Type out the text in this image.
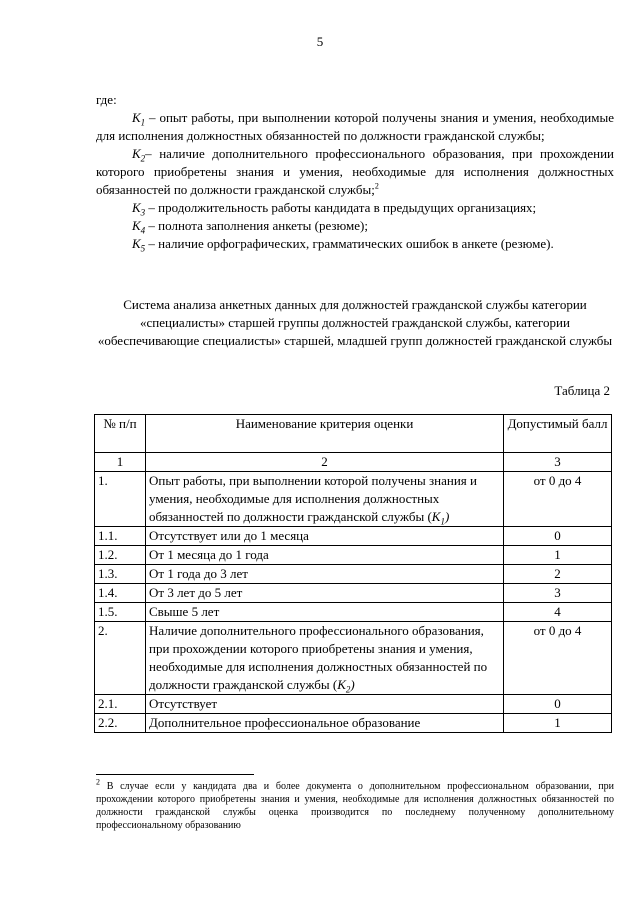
5
где:
$K_1$ – опыт работы, при выполнении которой получены знания и умения, необходимые для исполнения должностных обязанностей по должности гражданской службы;
$K_2-$ наличие дополнительного профессионального образования, при прохождении которого приобретены знания и умения, необходимые для исполнения должностных обязанностей по должности гражданской службы;$^2$
$K_3$ – продолжительность работы кандидата в предыдущих организациях;
$K_4$ – полнота заполнения анкеты (резюме);
$K_5$ – наличие орфографических, грамматических ошибок в анкете (резюме).
Система анализа анкетных данных для должностей гражданской службы категории «специалисты» старшей группы должностей гражданской службы, категории «обеспечивающие специалисты» старшей, младшей групп должностей гражданской службы
Таблица 2
№ п/п	Наименование критерия оценки	Допустимый балл
1	2	3
1.	Опыт работы, при выполнении которой получены знания и умения, необходимые для исполнения должностных обязанностей по должности гражданской службы $(K_1)$	от 0 до 4
1.1.	Отсутствует или до 1 месяца	0
1.2.	От 1 месяца до 1 года	1
1.3.	От 1 года до 3 лет	2
1.4.	От 3 лет до 5 лет	3
1.5.	Свыше 5 лет	4
2.	Наличие дополнительного профессионального образования, при прохождении которого приобретены знания и умения, необходимые для исполнения должностных обязанностей по должности гражданской службы $(K_2)$	от 0 до 4
2.1.	Отсутствует	0
2.2.	Дополнительное профессиональное образование	1
$^2$ В случае если у кандидата два и более документа о дополнительном профессиональном образовании, при прохождении которого приобретены знания и умения, необходимые для исполнения должностных обязанностей по должности гражданской службы оценка производится по последнему полученному дополнительному профессиональному образованию
